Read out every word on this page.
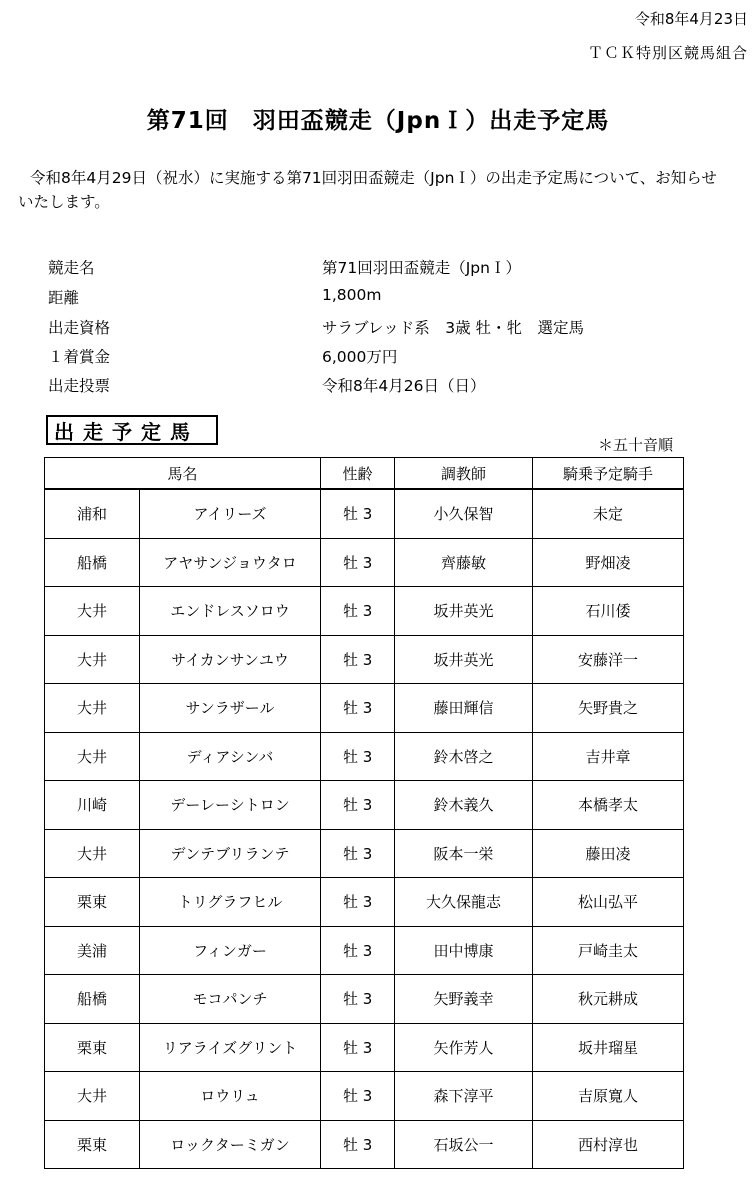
令和8年4月23日
ＴＣＫ特別区競馬組合
第71回　羽田盃競走（JpnＩ）出走予定馬
令和8年4月29日（祝水）に実施する第71回羽田盃競走（JpnＩ）の出走予定馬について、お知らせ
いたします。
競走名	第71回羽田盃競走（JpnＩ）
距離	1,800m
出走資格	サラブレッド系　3歳 牡・牝　選定馬
１着賞金	6,000万円
出走投票	令和8年4月26日（日）
出走予定馬
＊五十音順
馬名		性齢	調教師	騎乗予定騎手
浦和	アイリーズ	牡 3	小久保智	未定
船橋	アヤサンジョウタロ	牡 3	齊藤敏	野畑凌
大井	エンドレスソロウ	牡 3	坂井英光	石川倭
大井	サイカンサンユウ	牡 3	坂井英光	安藤洋一
大井	サンラザール	牡 3	藤田輝信	矢野貴之
大井	ディアシンバ	牡 3	鈴木啓之	吉井章
川崎	デーレーシトロン	牡 3	鈴木義久	本橋孝太
大井	デンテブリランテ	牡 3	阪本一栄	藤田凌
栗東	トリグラフヒル	牡 3	大久保龍志	松山弘平
美浦	フィンガー	牡 3	田中博康	戸崎圭太
船橋	モコパンチ	牡 3	矢野義幸	秋元耕成
栗東	リアライズグリント	牡 3	矢作芳人	坂井瑠星
大井	ロウリュ	牡 3	森下淳平	吉原寛人
栗東	ロックターミガン	牡 3	石坂公一	西村淳也
